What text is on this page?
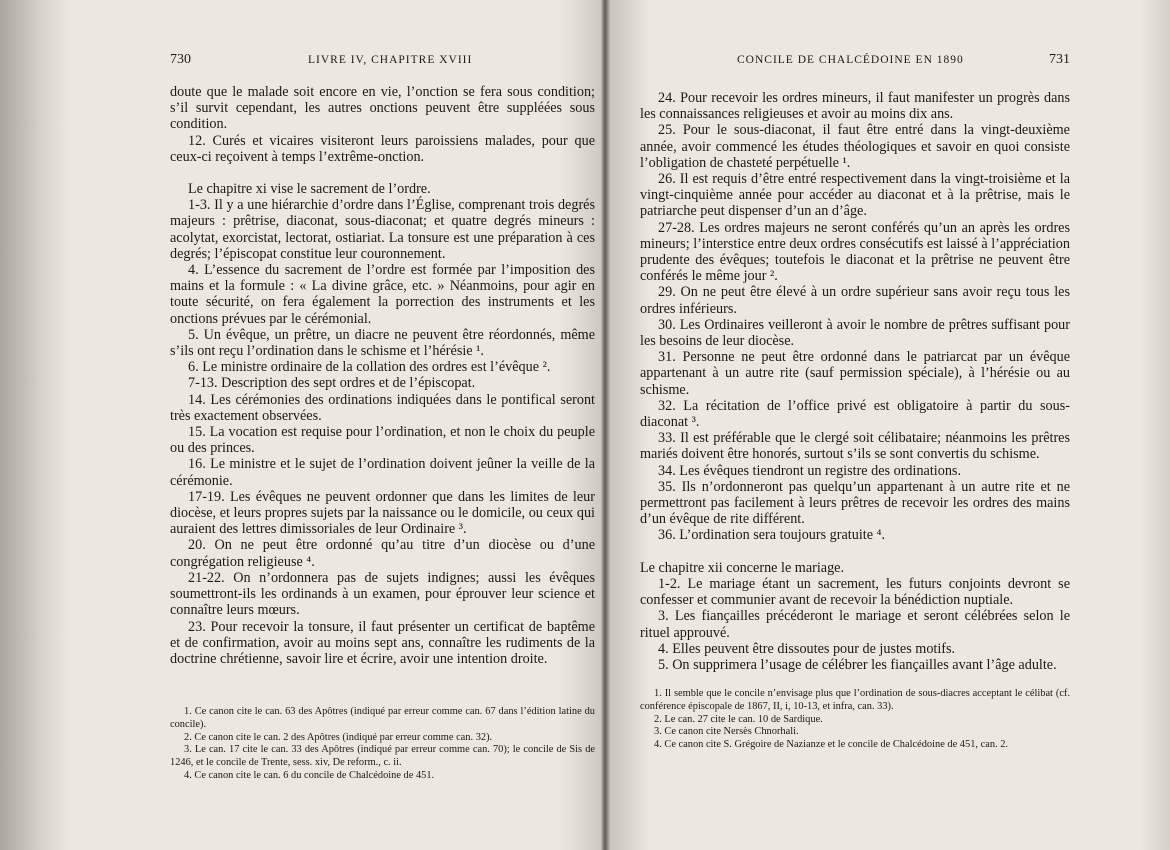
730	LIVRE IV, CHAPITRE XVIII

doute que le malade soit encore en vie, l’onction se fera sous condition; s’il survit cependant, les autres onctions peuvent être suppléées sous condition.

12. Curés et vicaires visiteront leurs paroissiens malades, pour que ceux-ci reçoivent à temps l’extrême-onction.

Le chapitre xi vise le sacrement de l’ordre.

1-3. Il y a une hiérarchie d’ordre dans l’Église, comprenant trois degrés majeurs : prêtrise, diaconat, sous-diaconat; et quatre degrés mineurs : acolytat, exorcistat, lectorat, ostiariat. La tonsure est une préparation à ces degrés; l’épiscopat constitue leur couronnement.

4. L’essence du sacrement de l’ordre est formée par l’imposition des mains et la formule : « La divine grâce, etc. » Néanmoins, pour agir en toute sécurité, on fera également la porrection des instruments et les onctions prévues par le cérémonial.

5. Un évêque, un prêtre, un diacre ne peuvent être réordonnés, même s’ils ont reçu l’ordination dans le schisme et l’hérésie ¹.

6. Le ministre ordinaire de la collation des ordres est l’évêque ².

7-13. Description des sept ordres et de l’épiscopat.

14. Les cérémonies des ordinations indiquées dans le pontifical seront très exactement observées.

15. La vocation est requise pour l’ordination, et non le choix du peuple ou des princes.

16. Le ministre et le sujet de l’ordination doivent jeûner la veille de la cérémonie.

17-19. Les évêques ne peuvent ordonner que dans les limites de leur diocèse, et leurs propres sujets par la naissance ou le domicile, ou ceux qui auraient des lettres dimissoriales de leur Ordinaire ³.

20. On ne peut être ordonné qu’au titre d’un diocèse ou d’une congrégation religieuse ⁴.

21-22. On n’ordonnera pas de sujets indignes; aussi les évêques soumettront-ils les ordinands à un examen, pour éprouver leur science et connaître leurs mœurs.

23. Pour recevoir la tonsure, il faut présenter un certificat de baptême et de confirmation, avoir au moins sept ans, connaître les rudiments de la doctrine chrétienne, savoir lire et écrire, avoir une intention droite.

1. Ce canon cite le can. 63 des Apôtres (indiqué par erreur comme can. 67 dans l’édition latine du concile).

2. Ce canon cite le can. 2 des Apôtres (indiqué par erreur comme can. 32).

3. Le can. 17 cite le can. 33 des Apôtres (indiqué par erreur comme can. 70); le concile de Sis de 1246, et le concile de Trente, sess. xiv, De reform., c. ii.

4. Ce canon cite le can. 6 du concile de Chalcédoine de 451.

CONCILE DE CHALCÉDOINE EN 1890	731

24. Pour recevoir les ordres mineurs, il faut manifester un progrès dans les connaissances religieuses et avoir au moins dix ans.

25. Pour le sous-diaconat, il faut être entré dans la vingt-deuxième année, avoir commencé les études théologiques et savoir en quoi consiste l’obligation de chasteté perpétuelle ¹.

26. Il est requis d’être entré respectivement dans la vingt-troisième et la vingt-cinquième année pour accéder au diaconat et à la prêtrise, mais le patriarche peut dispenser d’un an d’âge.

27-28. Les ordres majeurs ne seront conférés qu’un an après les ordres mineurs; l’interstice entre deux ordres consécutifs est laissé à l’appréciation prudente des évêques; toutefois le diaconat et la prêtrise ne peuvent être conférés le même jour ².

29. On ne peut être élevé à un ordre supérieur sans avoir reçu tous les ordres inférieurs.

30. Les Ordinaires veilleront à avoir le nombre de prêtres suffisant pour les besoins de leur diocèse.

31. Personne ne peut être ordonné dans le patriarcat par un évêque appartenant à un autre rite (sauf permission spéciale), à l’hérésie ou au schisme.

32. La récitation de l’office privé est obligatoire à partir du sous-diaconat ³.

33. Il est préférable que le clergé soit célibataire; néanmoins les prêtres mariés doivent être honorés, surtout s’ils se sont convertis du schisme.

34. Les évêques tiendront un registre des ordinations.

35. Ils n’ordonneront pas quelqu’un appartenant à un autre rite et ne permettront pas facilement à leurs prêtres de recevoir les ordres des mains d’un évêque de rite différent.

36. L’ordination sera toujours gratuite ⁴.

Le chapitre xii concerne le mariage.

1-2. Le mariage étant un sacrement, les futurs conjoints devront se confesser et communier avant de recevoir la bénédiction nuptiale.

3. Les fiançailles précéderont le mariage et seront célébrées selon le rituel approuvé.

4. Elles peuvent être dissoutes pour de justes motifs.

5. On supprimera l’usage de célébrer les fiançailles avant l’âge adulte.

1. Il semble que le concile n’envisage plus que l’ordination de sous-diacres acceptant le célibat (cf. conférence épiscopale de 1867, II, i, 10-13, et infra, can. 33).

2. Le can. 27 cite le can. 10 de Sardique.

3. Ce canon cite Nersès Chnorhali.

4. Ce canon cite S. Grégoire de Nazianze et le concile de Chalcédoine de 451, can. 2.
